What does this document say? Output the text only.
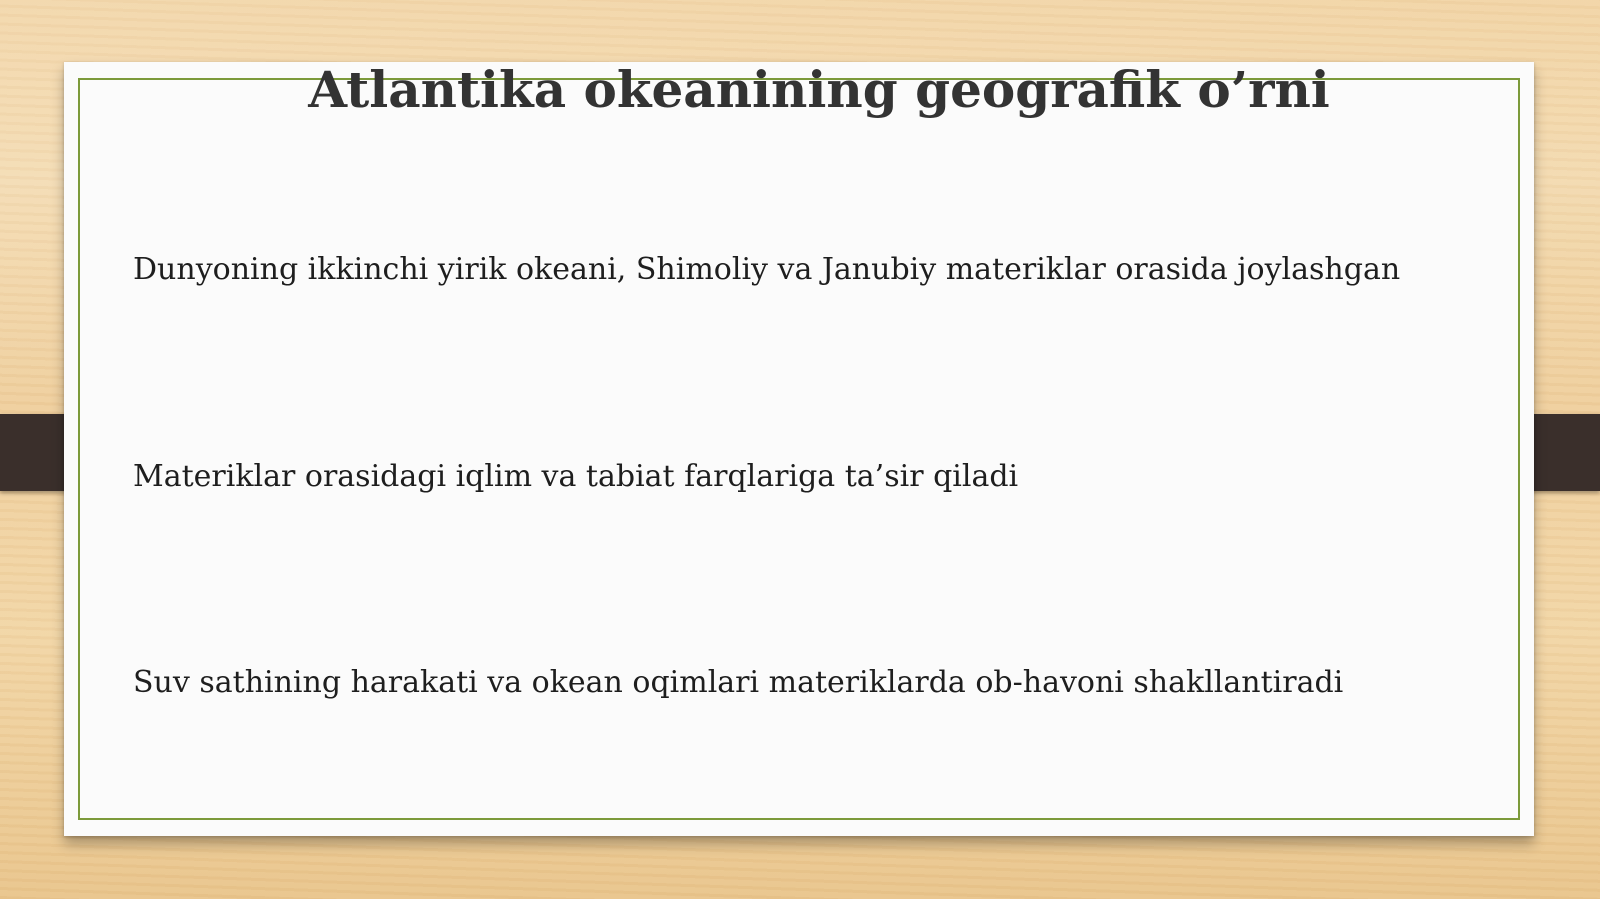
Atlantika okeanining geografik o’rni
Dunyoning ikkinchi yirik okeani, Shimoliy va Janubiy materiklar orasida joylashgan
Materiklar orasidagi iqlim va tabiat farqlariga ta’sir qiladi
Suv sathining harakati va okean oqimlari materiklarda ob-havoni shakllantiradi
